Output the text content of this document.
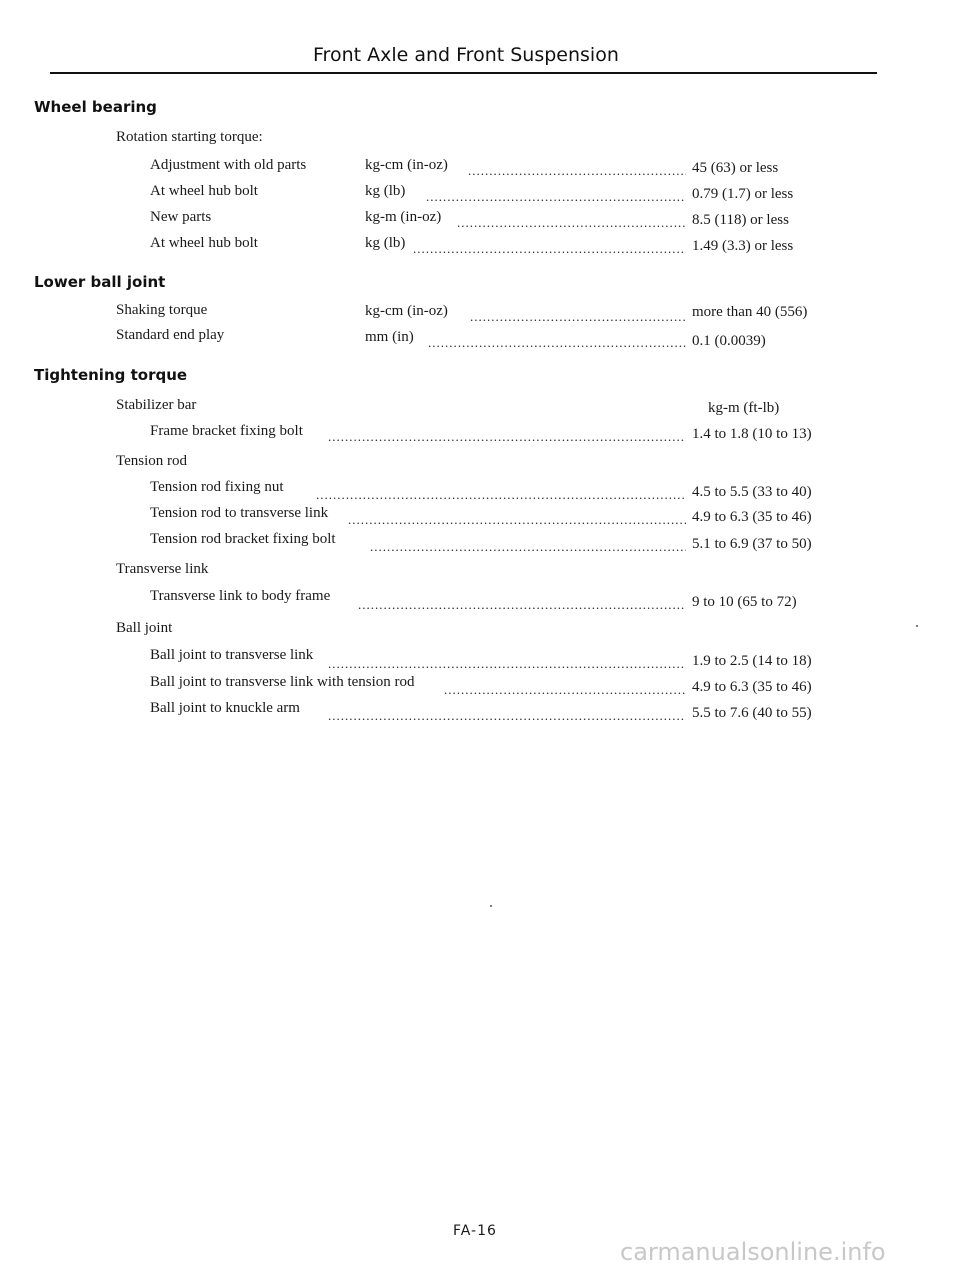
Front Axle and Front Suspension
Wheel bearing
Rotation starting torque:
Adjustment with old parts	kg-cm (in-oz) .....	45 (63) or less
At wheel hub bolt	kg (lb) .....	0.79 (1.7) or less
New parts	kg-m (in-oz) .....	8.5 (118) or less
At wheel hub bolt	kg (lb) .....	1.49 (3.3) or less
Lower ball joint
Shaking torque	kg-cm (in-oz) .....	more than 40 (556)
Standard end play	mm (in) .....	0.1 (0.0039)
Tightening torque
Stabilizer bar	kg-m (ft-lb)
Frame bracket fixing bolt .....	1.4 to 1.8 (10 to 13)
Tension rod
Tension rod fixing nut .....	4.5 to 5.5 (33 to 40)
Tension rod to transverse link .....	4.9 to 6.3 (35 to 46)
Tension rod bracket fixing bolt .....	5.1 to 6.9 (37 to 50)
Transverse link
Transverse link to body frame .....	9 to 10 (65 to 72)
Ball joint
Ball joint to transverse link .....	1.9 to 2.5 (14 to 18)
Ball joint to transverse link with tension rod .....	4.9 to 6.3 (35 to 46)
Ball joint to knuckle arm .....	5.5 to 7.6 (40 to 55)
FA-16
carmanualsonline.info
